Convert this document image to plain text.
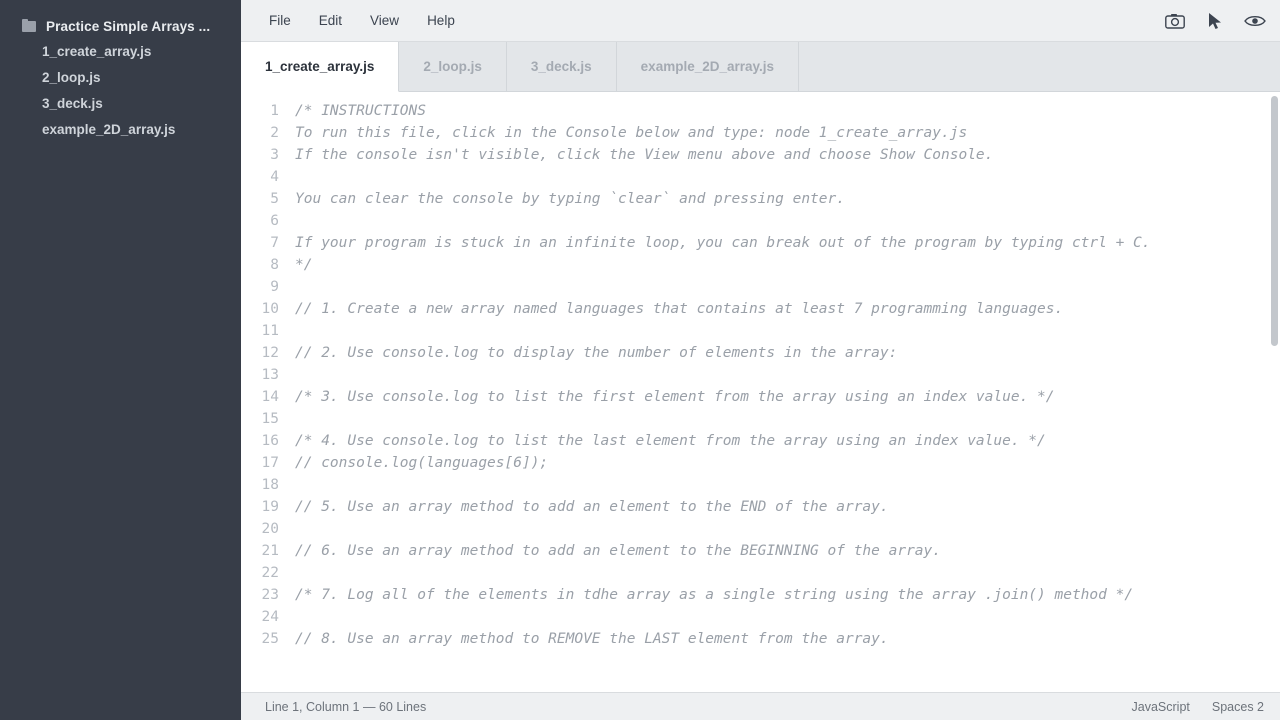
Practice Simple Arrays ...
1_create_array.js
2_loop.js
3_deck.js
example_2D_array.js
File	Edit	View	Help
1_create_array.js	2_loop.js	3_deck.js	example_2D_array.js
1
2
3
4
5
6
7
8
9
10
11
12
13
14
15
16
17
18
19
20
21
22
23
24
25
/* INSTRUCTIONS
To run this file, click in the Console below and type: node 1_create_array.js
If the console isn't visible, click the View menu above and choose Show Console.
You can clear the console by typing `clear` and pressing enter.
If your program is stuck in an infinite loop, you can break out of the program by typing ctrl + C.
*/
// 1. Create a new array named languages that contains at least 7 programming languages.
// 2. Use console.log to display the number of elements in the array:
/* 3. Use console.log to list the first element from the array using an index value. */
/* 4. Use console.log to list the last element from the array using an index value. */
// console.log(languages[6]);
// 5. Use an array method to add an element to the END of the array.
// 6. Use an array method to add an element to the BEGINNING of the array.
/* 7. Log all of the elements in tdhe array as a single string using the array .join() method */
// 8. Use an array method to REMOVE the LAST element from the array.
Line 1, Column 1 — 60 Lines	JavaScript Spaces 2
